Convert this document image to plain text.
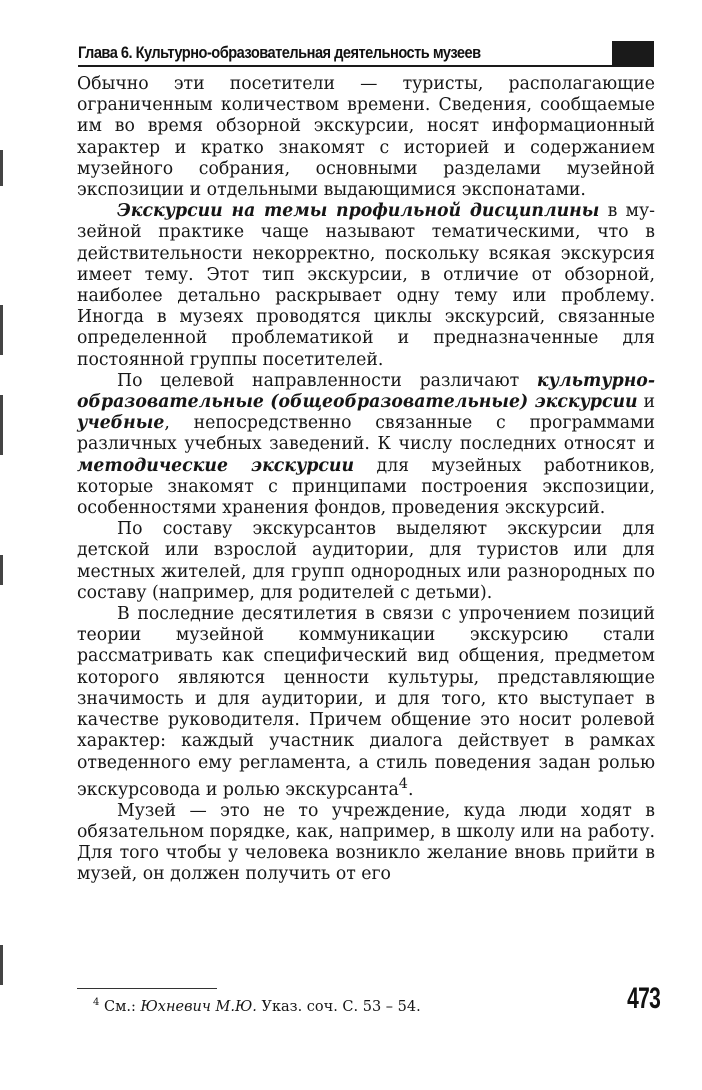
Глава 6. Культурно-образовательная деятельность музеев

Обычно эти посетители — туристы, располагающие ограниченным количеством времени. Сведения, сообщаемые им во время обзорной экскурсии, носят информационный характер и кратко знакомят с историей и содержанием музейного собрания, основными разделами музейной экспозиции и отдельными выдающимися экспонатами.

Экскурсии на темы профильной дисциплины в музейной практике чаще называют тематическими, что в действительности некорректно, поскольку всякая экскурсия имеет тему. Этот тип экскурсии, в отличие от обзорной, наиболее детально раскрывает одну тему или проблему. Иногда в музеях проводятся циклы экскурсий, связанные определенной проблематикой и предназначенные для постоянной группы посетителей.

По целевой направленности различают культурно-образовательные (общеобразовательные) экскурсии и учебные, непосредственно связанные с программами различных учебных заведений. К числу последних относят и методические экскурсии для музейных работников, которые знакомят с принципами построения экспозиции, особенностями хранения фондов, проведения экскурсий.

По составу экскурсантов выделяют экскурсии для детской или взрослой аудитории, для туристов или для местных жителей, для групп однородных или разнородных по составу (например, для родителей с детьми).

В последние десятилетия в связи с упрочением позиций теории музейной коммуникации экскурсию стали рассматривать как специфический вид общения, предметом которого являются ценности культуры, представляющие значимость и для аудитории, и для того, кто выступает в качестве руководителя. Причем общение это носит ролевой характер: каждый участник диалога действует в рамках отведенного ему регламента, а стиль поведения задан ролью экскурсовода и ролью экскурсанта$^4$.

Музей — это не то учреждение, куда люди ходят в обязательном порядке, как, например, в школу или на работу. Для того чтобы у человека возникло желание вновь прийти в музей, он должен получить от его

$^4$ См.: Юхневич М.Ю. Указ. соч. С. 53 – 54.	473
